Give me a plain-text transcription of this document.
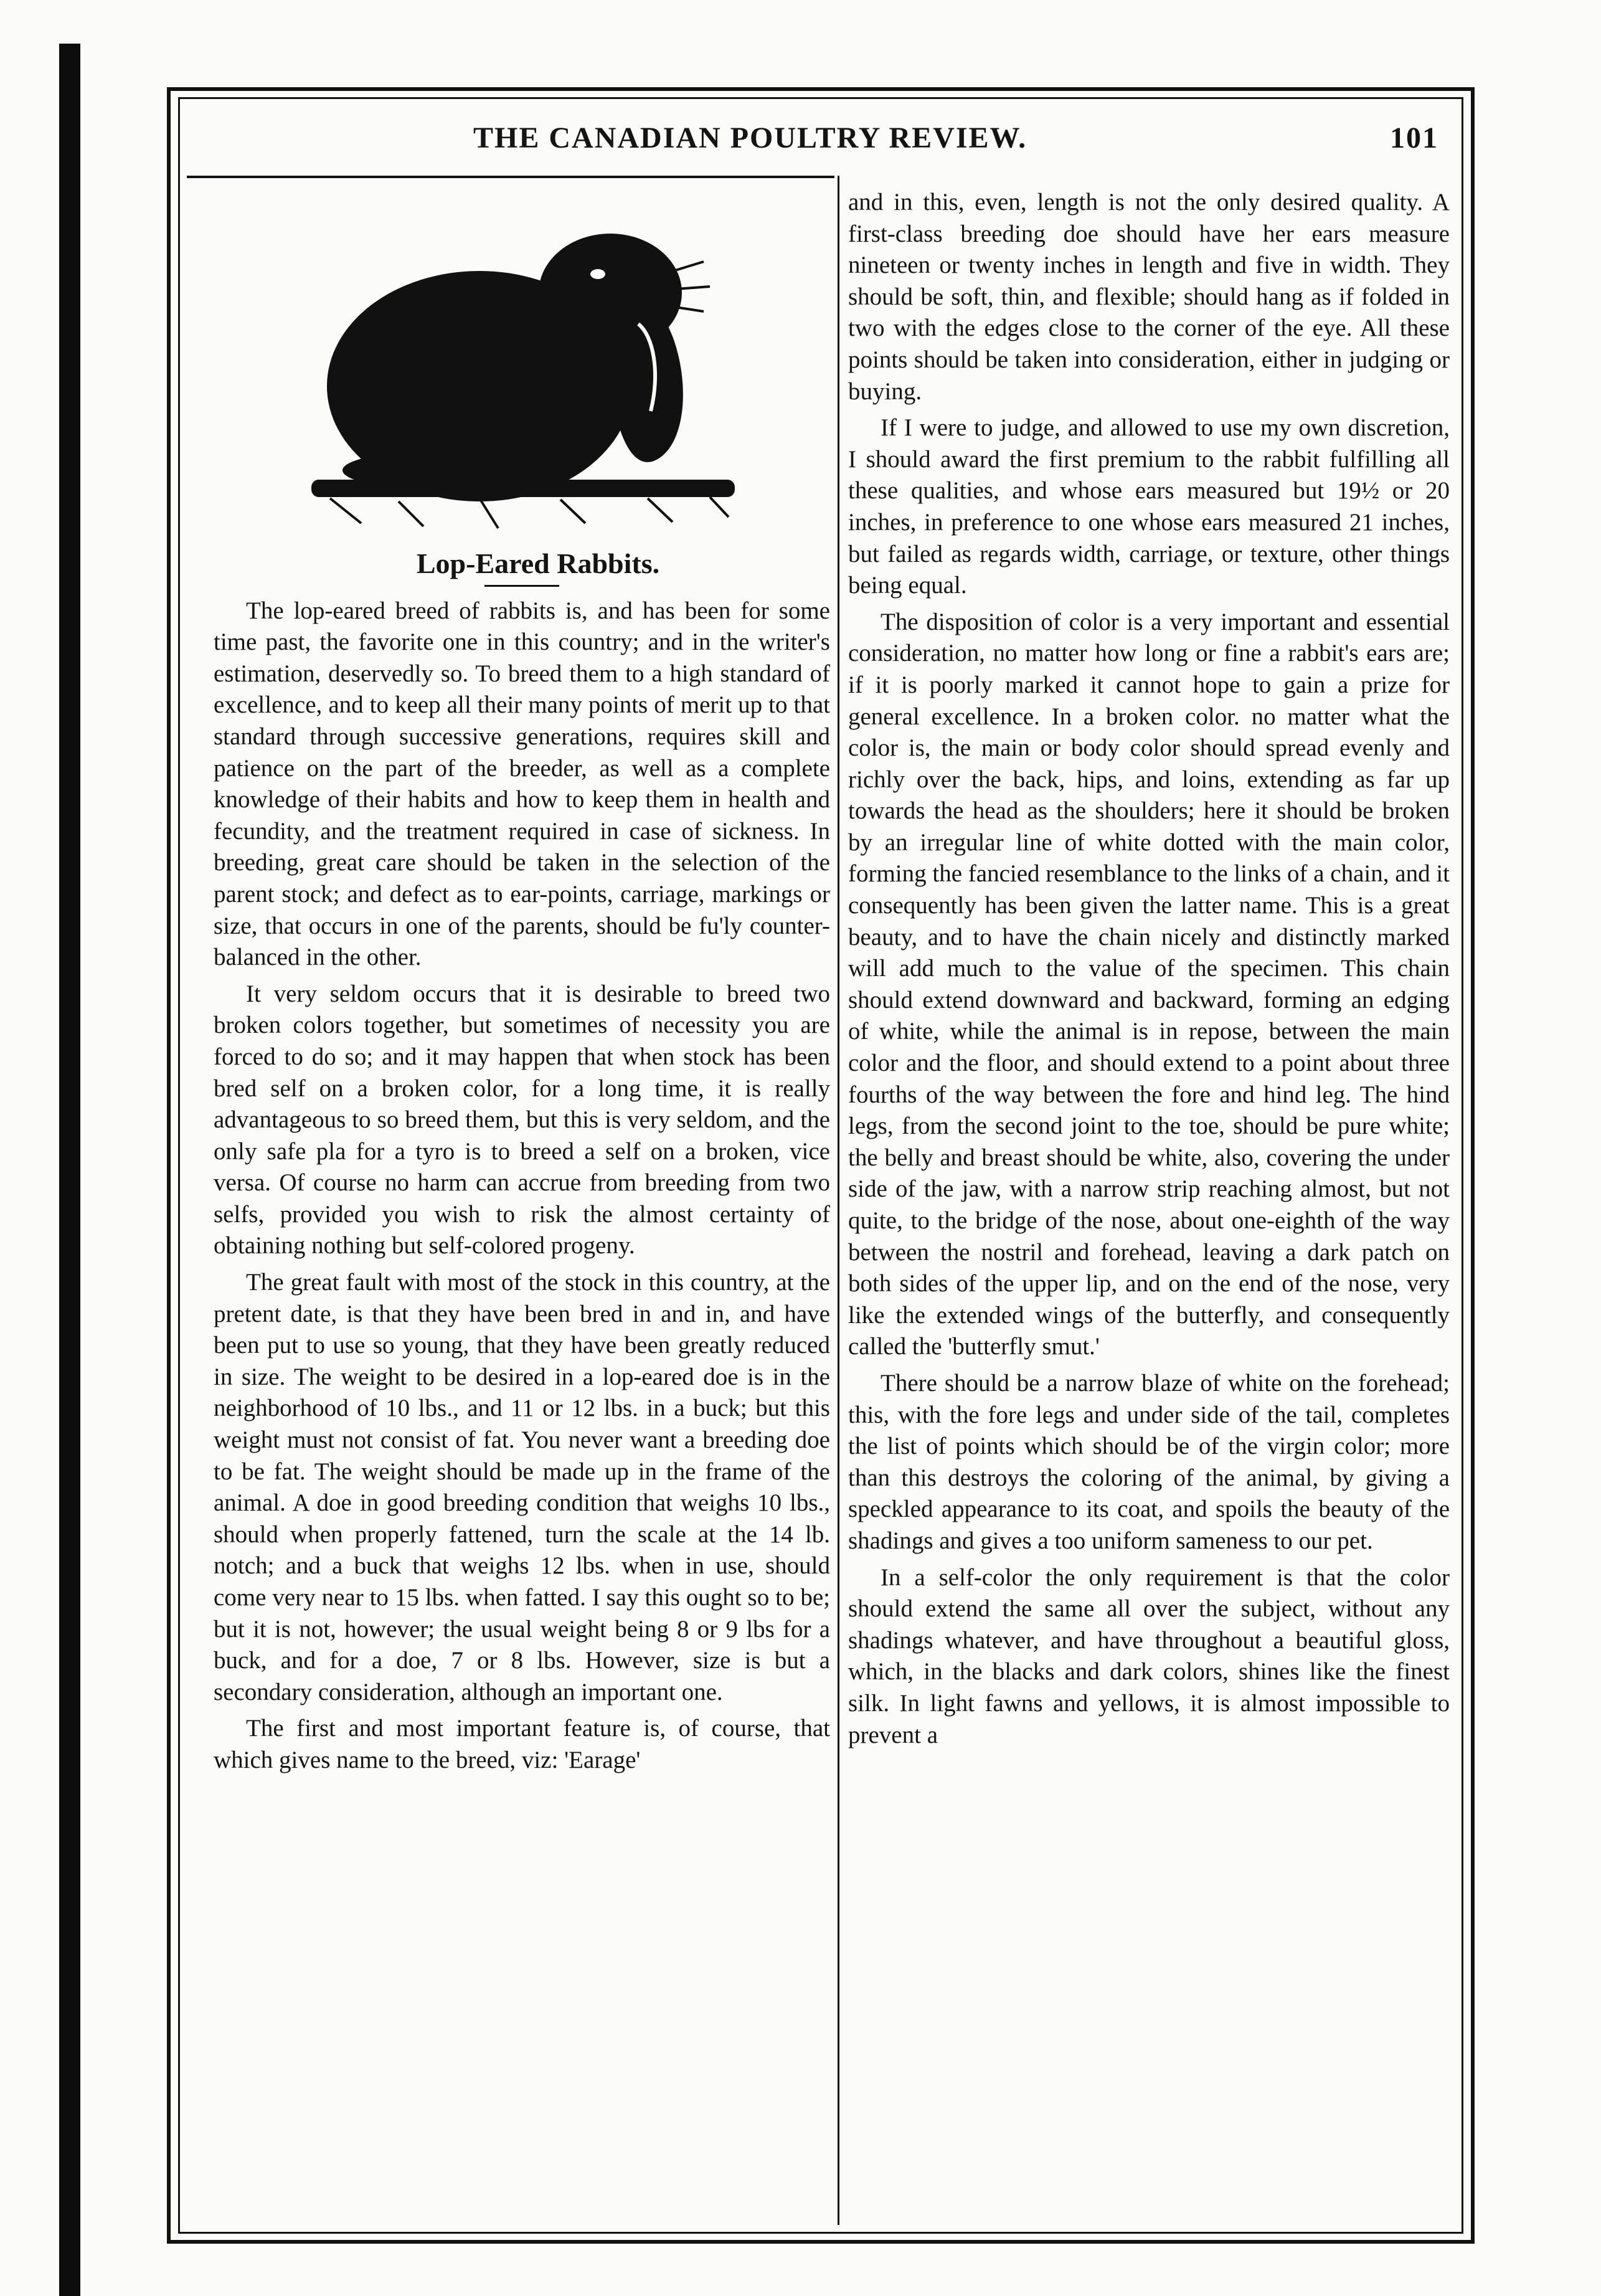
THE CANADIAN POULTRY REVIEW.	101

Lop-Eared Rabbits.

The lop-eared breed of rabbits is, and has been for some time past, the favorite one in this country; and in the writer's estimation, deservedly so. To breed them to a high standard of excellence, and to keep all their many points of merit up to that standard through successive generations, requires skill and patience on the part of the breeder, as well as a complete knowledge of their habits and how to keep them in health and fecundity, and the treatment required in case of sickness. In breeding, great care should be taken in the selection of the parent stock; and defect as to ear-points, carriage, markings or size, that occurs in one of the parents, should be fu'ly counter-balanced in the other.

It very seldom occurs that it is desirable to breed two broken colors together, but sometimes of necessity you are forced to do so; and it may happen that when stock has been bred self on a broken color, for a long time, it is really advantageous to so breed them, but this is very seldom, and the only safe pla for a tyro is to breed a self on a broken, vice versa. Of course no harm can accrue from breeding from two selfs, provided you wish to risk the almost certainty of obtaining nothing but self-colored progeny.

The great fault with most of the stock in this country, at the pretent date, is that they have been bred in and in, and have been put to use so young, that they have been greatly reduced in size. The weight to be desired in a lop-eared doe is in the neighborhood of 10 lbs., and 11 or 12 lbs. in a buck; but this weight must not consist of fat. You never want a breeding doe to be fat. The weight should be made up in the frame of the animal. A doe in good breeding condition that weighs 10 lbs., should when properly fattened, turn the scale at the 14 lb. notch; and a buck that weighs 12 lbs. when in use, should come very near to 15 lbs. when fatted. I say this ought so to be; but it is not, however; the usual weight being 8 or 9 lbs for a buck, and for a doe, 7 or 8 lbs. However, size is but a secondary consideration, although an important one.

The first and most important feature is, of course, that which gives name to the breed, viz: 'Earage'

and in this, even, length is not the only desired quality. A first-class breeding doe should have her ears measure nineteen or twenty inches in length and five in width. They should be soft, thin, and flexible; should hang as if folded in two with the edges close to the corner of the eye. All these points should be taken into consideration, either in judging or buying.

If I were to judge, and allowed to use my own discretion, I should award the first premium to the rabbit fulfilling all these qualities, and whose ears measured but 19½ or 20 inches, in preference to one whose ears measured 21 inches, but failed as regards width, carriage, or texture, other things being equal.

The disposition of color is a very important and essential consideration, no matter how long or fine a rabbit's ears are; if it is poorly marked it cannot hope to gain a prize for general excellence. In a broken color. no matter what the color is, the main or body color should spread evenly and richly over the back, hips, and loins, extending as far up towards the head as the shoulders; here it should be broken by an irregular line of white dotted with the main color, forming the fancied resemblance to the links of a chain, and it consequently has been given the latter name. This is a great beauty, and to have the chain nicely and distinctly marked will add much to the value of the specimen. This chain should extend downward and backward, forming an edging of white, while the animal is in repose, between the main color and the floor, and should extend to a point about three fourths of the way between the fore and hind leg. The hind legs, from the second joint to the toe, should be pure white; the belly and breast should be white, also, covering the under side of the jaw, with a narrow strip reaching almost, but not quite, to the bridge of the nose, about one-eighth of the way between the nostril and forehead, leaving a dark patch on both sides of the upper lip, and on the end of the nose, very like the extended wings of the butterfly, and consequently called the 'butterfly smut.'

There should be a narrow blaze of white on the forehead; this, with the fore legs and under side of the tail, completes the list of points which should be of the virgin color; more than this destroys the coloring of the animal, by giving a speckled appearance to its coat, and spoils the beauty of the shadings and gives a too uniform sameness to our pet.

In a self-color the only requirement is that the color should extend the same all over the subject, without any shadings whatever, and have throughout a beautiful gloss, which, in the blacks and dark colors, shines like the finest silk. In light fawns and yellows, it is almost impossible to prevent a
